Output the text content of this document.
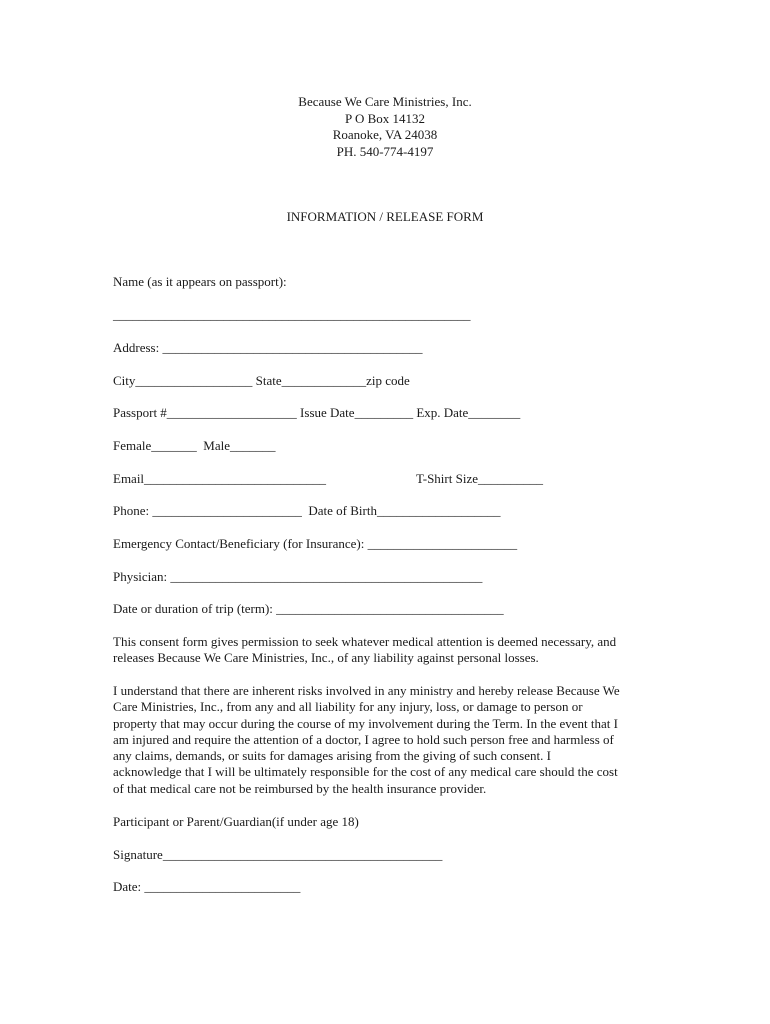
Because We Care Ministries, Inc.
P O Box 14132
Roanoke, VA 24038
PH. 540-774-4197
INFORMATION / RELEASE FORM
Name (as it appears on passport):
_______________________________________________________
Address: ________________________________________
City__________________ State_____________zip code
Passport #____________________ Issue Date_________ Exp. Date________
Female_______  Male_______
Email____________________________	T-Shirt Size__________
Phone: _______________________  Date of Birth___________________
Emergency Contact/Beneficiary (for Insurance): _______________________
Physician: ________________________________________________
Date or duration of trip (term): ___________________________________
This consent form gives permission to seek whatever medical attention is deemed necessary, and
releases Because We Care Ministries, Inc., of any liability against personal losses.
I understand that there are inherent risks involved in any ministry and hereby release Because We
Care Ministries, Inc., from any and all liability for any injury, loss, or damage to person or
property that may occur during the course of my involvement during the Term. In the event that I
am injured and require the attention of a doctor, I agree to hold such person free and harmless of
any claims, demands, or suits for damages arising from the giving of such consent. I
acknowledge that I will be ultimately responsible for the cost of any medical care should the cost
of that medical care not be reimbursed by the health insurance provider.
Participant or Parent/Guardian(if under age 18)
Signature___________________________________________
Date: ________________________
